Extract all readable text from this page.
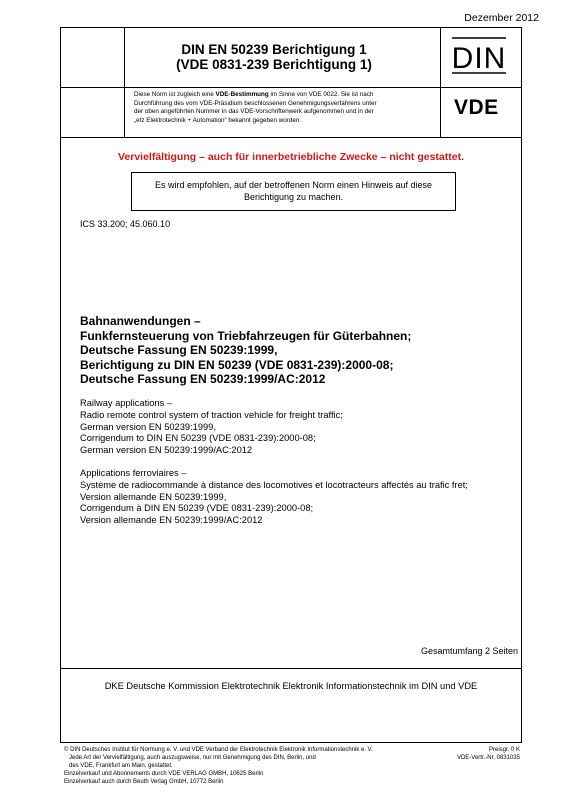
Dezember 2012
DIN EN 50239 Berichtigung 1
(VDE 0831-239 Berichtigung 1)	DIN
VDE
Diese Norm ist zugleich eine VDE-Bestimmung im Sinne von VDE 0022. Sie ist nach
Durchführung des vom VDE-Präsidium beschlossenen Genehmigungsverfahrens unter
der oben angeführten Nummer in das VDE-Vorschriftenwerk aufgenommen und in der
„etz Elektrotechnik + Automation“ bekannt gegeben worden.
Vervielfältigung – auch für innerbetriebliche Zwecke – nicht gestattet.
Es wird empfohlen, auf der betroffenen Norm einen Hinweis auf diese Berichtigung zu machen.
ICS 33.200; 45.060.10
Bahnanwendungen –
Funkfernsteuerung von Triebfahrzeugen für Güterbahnen;
Deutsche Fassung EN 50239:1999,
Berichtigung zu DIN EN 50239 (VDE 0831-239):2000-08;
Deutsche Fassung EN 50239:1999/AC:2012
Railway applications –
Radio remote control system of traction vehicle for freight traffic;
German version EN 50239:1999,
Corrigendum to DIN EN 50239 (VDE 0831-239):2000-08;
German version EN 50239:1999/AC:2012
Applications ferroviaires –
Système de radiocommande à distance des locomotives et locotracteurs affectés au trafic fret;
Version allemande EN 50239:1999,
Corrigendum à DIN EN 50239 (VDE 0831-239):2000-08;
Version allemande EN 50239:1999/AC:2012
Gesamtumfang 2 Seiten
DKE Deutsche Kommission Elektrotechnik Elektronik Informationstechnik im DIN und VDE
© DIN Deutsches Institut für Normung e. V. und VDE Verband der Elektrotechnik Elektronik Informationstechnik e. V.
Jede Art der Vervielfältigung, auch auszugsweise, nur mit Genehmigung des DIN, Berlin, und
des VDE, Frankfurt am Main, gestattet.
Einzelverkauf und Abonnements durch VDE VERLAG GMBH, 10625 Berlin
Einzelverkauf auch durch Beuth Verlag GmbH, 10772 Berlin
Preisgr. 0 K
VDE-Vertr.-Nr. 0831035
